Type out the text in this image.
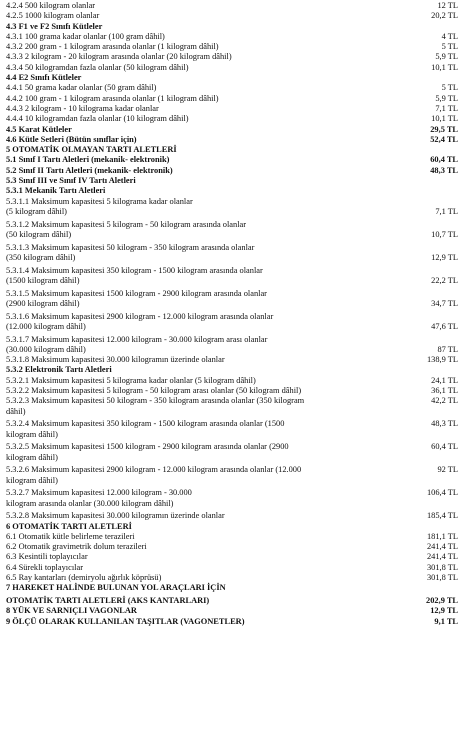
4.2.4 500 kilogram olanlar	12 TL
4.2.5 1000 kilogram olanlar	20,2 TL
4.3 F1 ve F2 Sınıfı Kütleler
4.3.1 100 grama kadar olanlar (100 gram dâhil)	4 TL
4.3.2 200 gram - 1 kilogram arasında olanlar (1 kilogram dâhil)	5 TL
4.3.3 2 kilogram - 20 kilogram arasında olanlar (20 kilogram dâhil)	5,9 TL
4.3.4 50 kilogramdan fazla olanlar (50 kilogram dâhil)	10,1 TL
4.4 E2 Sınıfı Kütleler
4.4.1 50 grama kadar olanlar (50 gram dâhil)	5 TL
4.4.2 100 gram - 1 kilogram arasında olanlar (1 kilogram dâhil)	5,9 TL
4.4.3 2 kilogram - 10 kilograma kadar olanlar	7,1 TL
4.4.4 10 kilogramdan fazla olanlar (10 kilogram dâhil)	10,1 TL
4.5 Karat Kütleler	29,5 TL
4.6 Kütle Setleri (Bütün sınıflar için)	52,4 TL
5 OTOMATİK OLMAYAN TARTI ALETLERİ
5.1 Sınıf I Tartı Aletleri (mekanik- elektronik)	60,4 TL
5.2 Sınıf II Tartı Aletleri (mekanik- elektronik)	48,3 TL
5.3 Sınıf III ve Sınıf IV Tartı Aletleri
5.3.1 Mekanik Tartı Aletleri
5.3.1.1 Maksimum kapasitesi 5 kilograma kadar olanlar
(5 kilogram dâhil)	7,1 TL
5.3.1.2 Maksimum kapasitesi 5 kilogram - 50 kilogram arasında olanlar
(50 kilogram dâhil)	10,7 TL
5.3.1.3 Maksimum kapasitesi 50 kilogram - 350 kilogram arasında olanlar
(350 kilogram dâhil)	12,9 TL
5.3.1.4 Maksimum kapasitesi 350 kilogram - 1500 kilogram arasında olanlar
(1500 kilogram dâhil)	22,2 TL
5.3.1.5 Maksimum kapasitesi 1500 kilogram - 2900 kilogram arasında olanlar
(2900 kilogram dâhil)	34,7 TL
5.3.1.6 Maksimum kapasitesi 2900 kilogram - 12.000 kilogram arasında olanlar
(12.000 kilogram dâhil)	47,6 TL
5.3.1.7 Maksimum kapasitesi 12.000 kilogram - 30.000 kilogram arası olanlar
(30.000 kilogram dâhil)	87 TL
5.3.1.8 Maksimum kapasitesi 30.000 kilogramın üzerinde olanlar	138,9 TL
5.3.2 Elektronik Tartı Aletleri
5.3.2.1 Maksimum kapasitesi 5 kilograma kadar olanlar (5 kilogram dâhil)	24,1 TL
5.3.2.2 Maksimum kapasitesi 5 kilogram - 50 kilogram arası olanlar (50 kilogram dâhil)	36,1 TL
5.3.2.3 Maksimum kapasitesi 50 kilogram - 350 kilogram arasında olanlar (350 kilogram	42,2 TL
dâhil)
5.3.2.4 Maksimum kapasitesi 350 kilogram - 1500 kilogram arasında olanlar (1500	48,3 TL
kilogram dâhil)
5.3.2.5 Maksimum kapasitesi 1500 kilogram - 2900 kilogram arasında olanlar (2900	60,4 TL
kilogram dâhil)
5.3.2.6 Maksimum kapasitesi 2900 kilogram - 12.000 kilogram arasında olanlar (12.000	92 TL
kilogram dâhil)
5.3.2.7 Maksimum kapasitesi 12.000 kilogram - 30.000	106,4 TL
kilogram arasında olanlar (30.000 kilogram dâhil)
5.3.2.8 Maksimum kapasitesi 30.000 kilogramın üzerinde olanlar	185,4 TL
6 OTOMATİK TARTI ALETLERİ
6.1 Otomatik kütle belirleme terazileri	181,1 TL
6.2 Otomatik gravimetrik dolum terazileri	241,4 TL
6.3 Kesintili toplayıcılar	241,4 TL
6.4 Sürekli toplayıcılar	301,8 TL
6.5 Ray kantarları (demiryolu ağırlık köprüsü)	301,8 TL
7 HAREKET HALİNDE BULUNAN YOL ARAÇLARI İÇİN
OTOMATİK TARTI ALETLERİ (AKS KANTARLARI)	202,9 TL
8 YÜK VE SARNIÇLI VAGONLAR	12,9 TL
9 ÖLÇÜ OLARAK KULLANILAN TAŞITLAR (VAGONETLER)	9,1 TL
